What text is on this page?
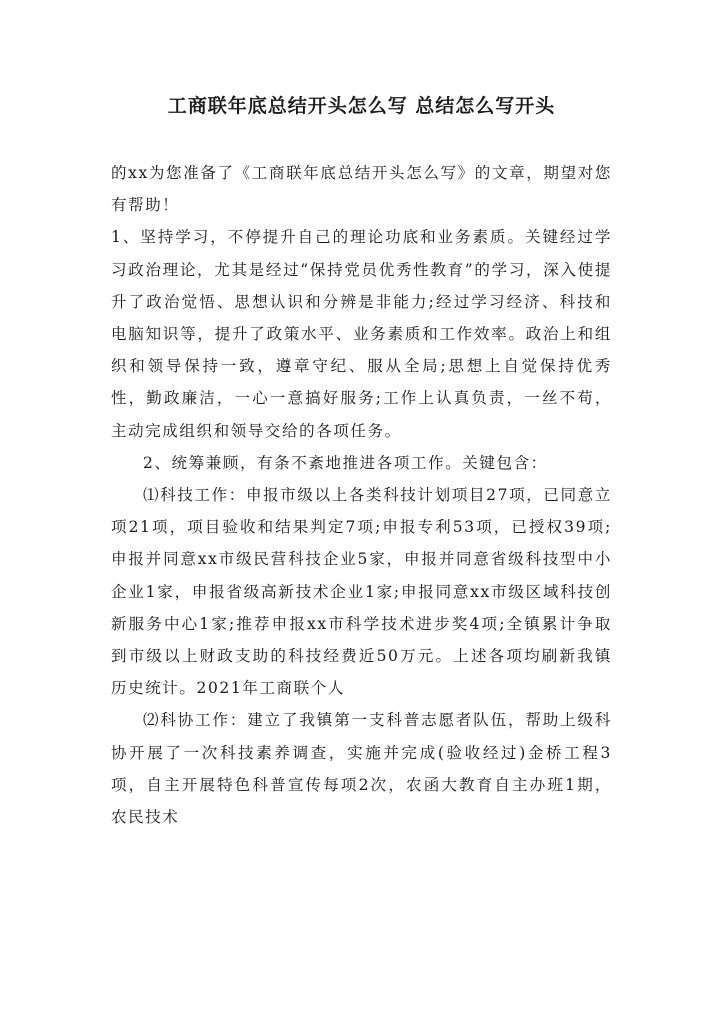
工商联年底总结开头怎么写 总结怎么写开头

的xx为您准备了《工商联年底总结开头怎么写》的文章，期望对您有帮助！

1、坚持学习，不停提升自己的理论功底和业务素质。关键经过学习政治理论，尤其是经过“保持党员优秀性教育”的学习，深入使提升了政治觉悟、思想认识和分辨是非能力;经过学习经济、科技和电脑知识等，提升了政策水平、业务素质和工作效率。政治上和组织和领导保持一致，遵章守纪、服从全局;思想上自觉保持优秀性，勤政廉洁，一心一意搞好服务;工作上认真负责，一丝不苟，主动完成组织和领导交给的各项任务。

2、统筹兼顾，有条不紊地推进各项工作。关键包含：

⑴科技工作：申报市级以上各类科技计划项目27项，已同意立项21项，项目验收和结果判定7项;申报专利53项，已授权39项;申报并同意xx市级民营科技企业5家，申报并同意省级科技型中小企业1家，申报省级高新技术企业1家;申报同意xx市级区域科技创新服务中心1家;推荐申报xx市科学技术进步奖4项;全镇累计争取到市级以上财政支助的科技经费近50万元。上述各项均刷新我镇历史统计。2021年工商联个人

⑵科协工作：建立了我镇第一支科普志愿者队伍，帮助上级科协开展了一次科技素养调查，实施并完成(验收经过)金桥工程3项，自主开展特色科普宣传每项2次，农函大教育自主办班1期，农民技术
